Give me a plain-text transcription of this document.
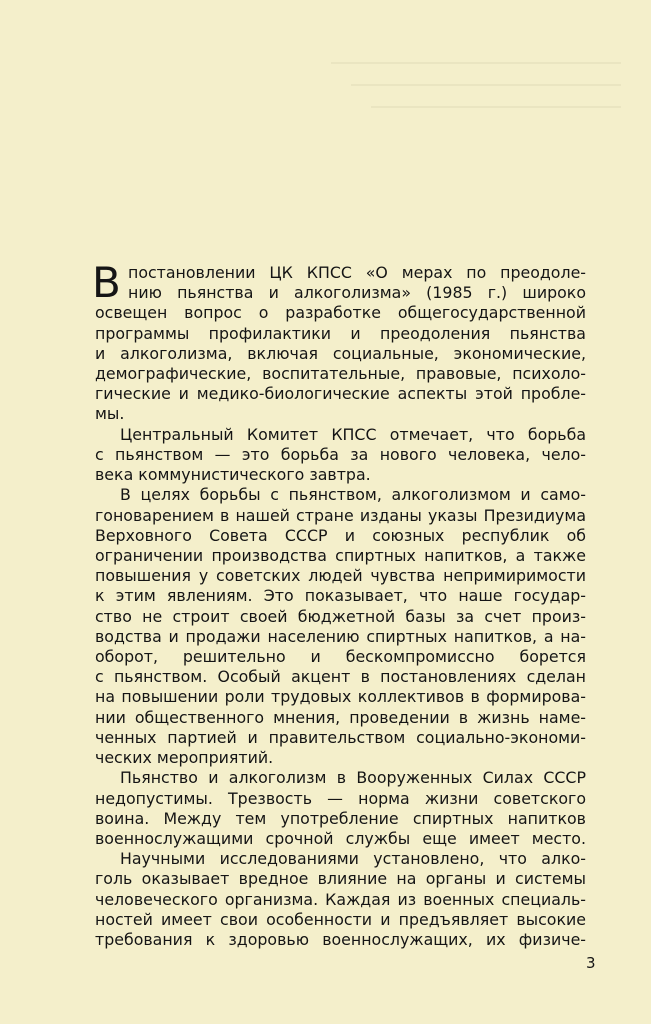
В постановлении ЦК КПСС «О мерах по преодоле-
нию пьянства и алкоголизма» (1985 г.) широко
освещен вопрос о разработке общегосударственной
программы профилактики и преодоления пьянства
и алкоголизма, включая социальные, экономические,
демографические, воспитательные, правовые, психоло-
гические и медико-биологические аспекты этой пробле-
мы.
Центральный Комитет КПСС отмечает, что борьба
с пьянством — это борьба за нового человека, чело-
века коммунистического завтра.
В целях борьбы с пьянством, алкоголизмом и само-
гоноварением в нашей стране изданы указы Президиума
Верховного Совета СССР и союзных республик об
ограничении производства спиртных напитков, а также
повышения у советских людей чувства непримиримости
к этим явлениям. Это показывает, что наше государ-
ство не строит своей бюджетной базы за счет произ-
водства и продажи населению спиртных напитков, а на-
оборот, решительно и бескомпромиссно борется
с пьянством. Особый акцент в постановлениях сделан
на повышении роли трудовых коллективов в формирова-
нии общественного мнения, проведении в жизнь наме-
ченных партией и правительством социально-экономи-
ческих мероприятий.
Пьянство и алкоголизм в Вооруженных Силах СССР
недопустимы. Трезвость — норма жизни советского
воина. Между тем употребление спиртных напитков
военнослужащими срочной службы еще имеет место.
Научными исследованиями установлено, что алко-
голь оказывает вредное влияние на органы и системы
человеческого организма. Каждая из военных специаль-
ностей имеет свои особенности и предъявляет высокие
требования к здоровью военнослужащих, их физиче-
3
